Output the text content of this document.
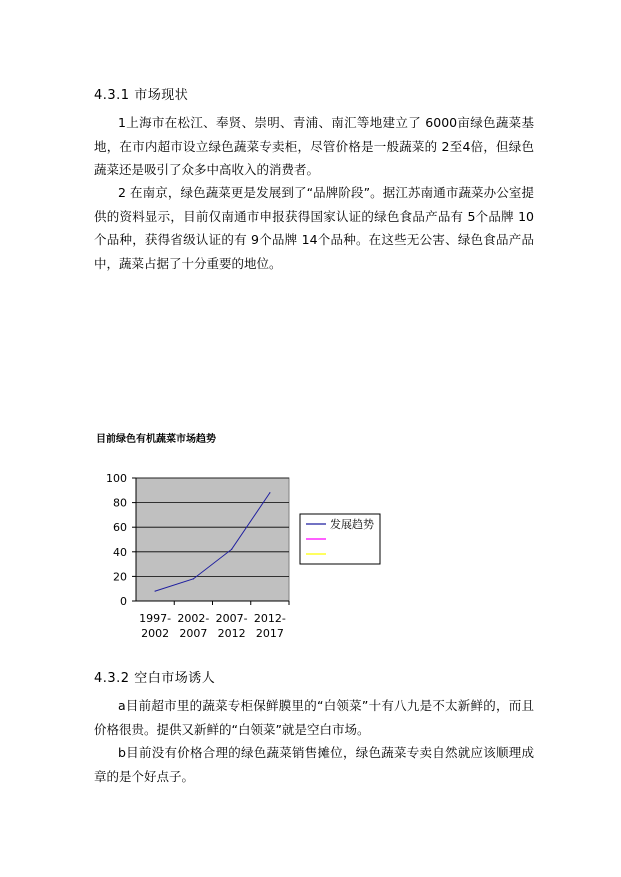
4.3.1 市场现状
1上海市在松江、奉贤、崇明、青浦、南汇等地建立了 6000亩绿色蔬菜基地，在市内超市设立绿色蔬菜专卖柜，尽管价格是一般蔬菜的 2至4倍，但绿色蔬菜还是吸引了众多中高收入的消费者。
2 在南京，绿色蔬菜更是发展到了“品牌阶段”。据江苏南通市蔬菜办公室提供的资料显示，目前仅南通市申报获得国家认证的绿色食品产品有 5个品牌 10个品种，获得省级认证的有 9个品牌 14个品种。在这些无公害、绿色食品产品中，蔬菜占据了十分重要的地位。
目前绿色有机蔬菜市场趋势
0
20
40
60
80
100
1997-
2002
2002-
2007
2007-
2012
2012-
2017
发展趋势
4.3.2 空白市场诱人
a目前超市里的蔬菜专柜保鲜膜里的“白领菜”十有八九是不太新鲜的，而且价格很贵。提供又新鲜的“白领菜”就是空白市场。
b目前没有价格合理的绿色蔬菜销售摊位，绿色蔬菜专卖自然就应该顺理成章的是个好点子。
